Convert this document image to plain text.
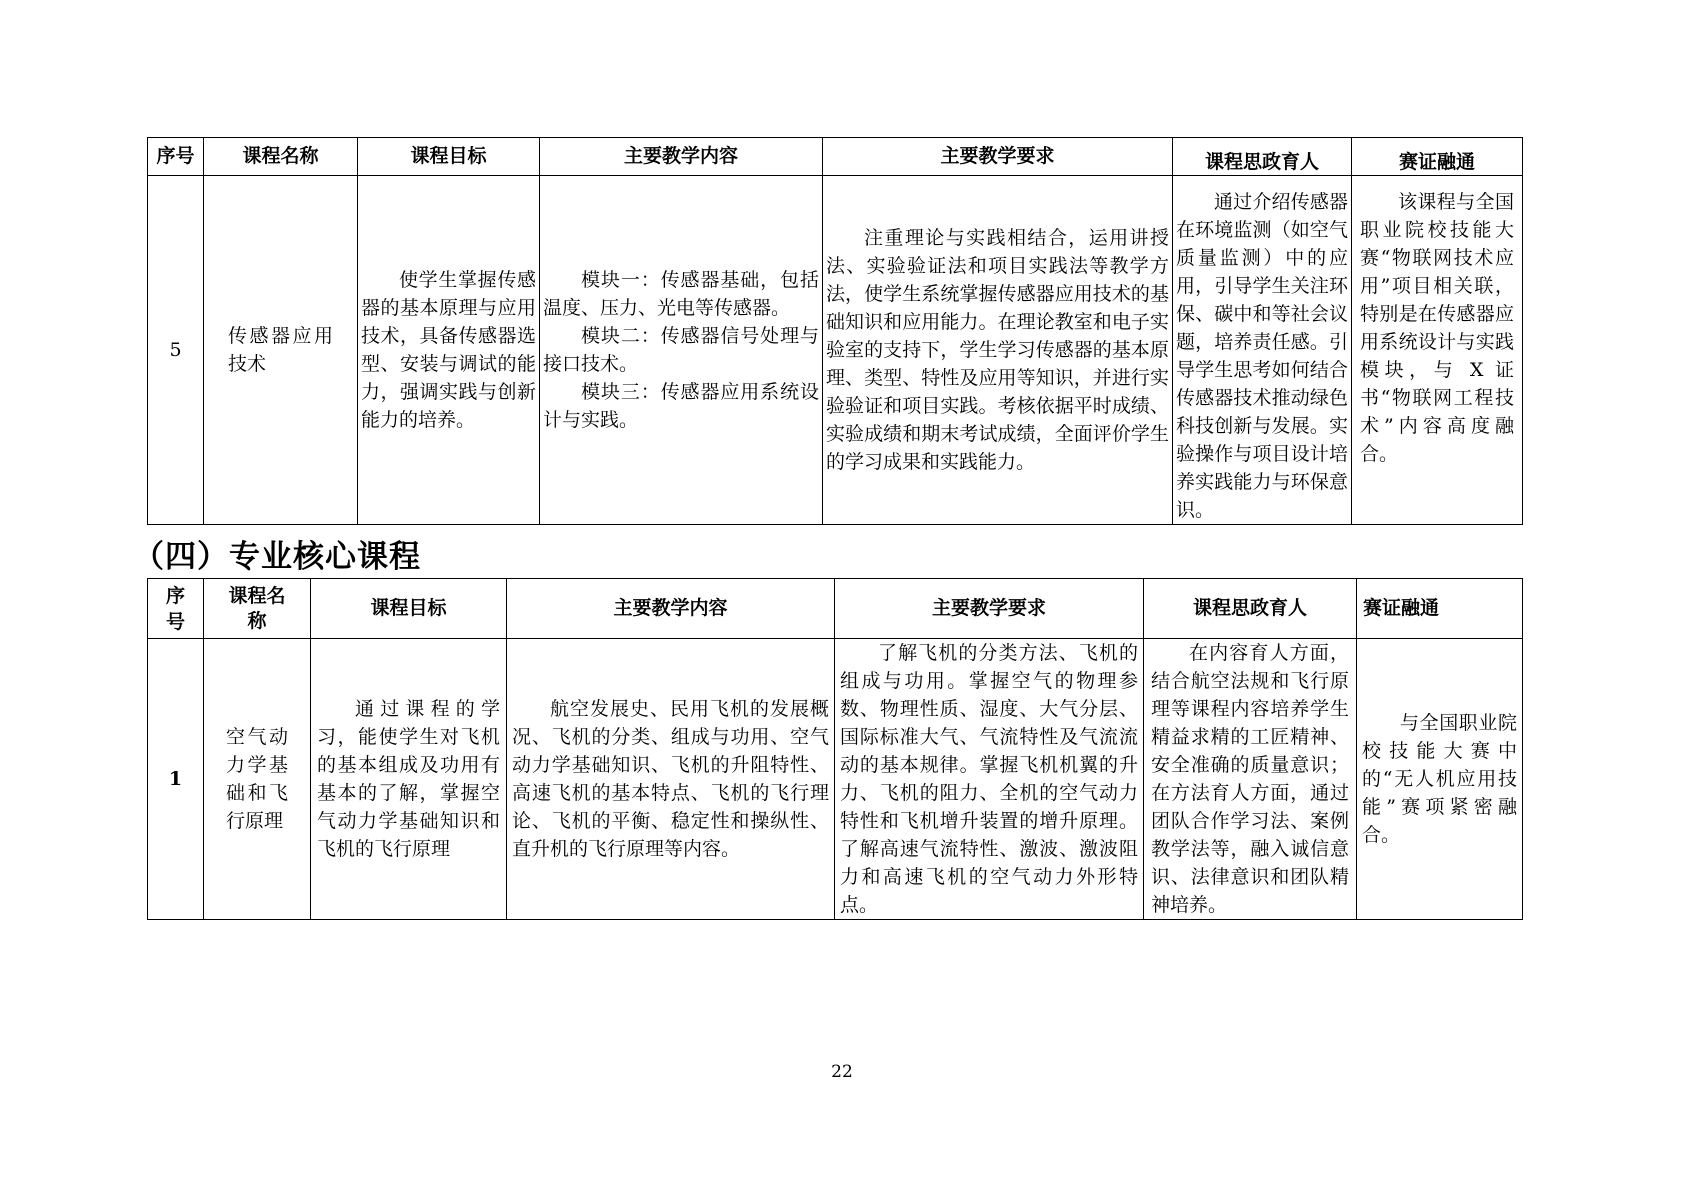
序号	课程名称	课程目标	主要教学内容	主要教学要求	课程思政育人	赛证融通
5	传感器应用技术	使学生掌握传感器的基本原理与应用技术，具备传感器选型、安装与调试的能力，强调实践与创新能力的培养。	模块一：传感器基础，包括温度、压力、光电等传感器。

模块二：传感器信号处理与接口技术。

模块三：传感器应用系统设计与实践。	注重理论与实践相结合，运用讲授法、实验验证法和项目实践法等教学方法，使学生系统掌握传感器应用技术的基础知识和应用能力。在理论教室和电子实验室的支持下，学生学习传感器的基本原理、类型、特性及应用等知识，并进行实验验证和项目实践。考核依据平时成绩、实验成绩和期末考试成绩，全面评价学生的学习成果和实践能力。	通过介绍传感器在环境监测（如空气质量监测）中的应用，引导学生关注环保、碳中和等社会议题，培养责任感。引导学生思考如何结合传感器技术推动绿色科技创新与发展。实验操作与项目设计培养实践能力与环保意识。	该课程与全国职业院校技能大赛“物联网技术应用”项目相关联，特别是在传感器应用系统设计与实践模块，与 X 证书“物联网工程技术”内容高度融合。

（四）专业核心课程
序号	课程名称	课程目标	主要教学内容	主要教学要求	课程思政育人	赛证融通
1	空气动力学基础和飞行原理	通过课程的学习，能使学生对飞机的基本组成及功用有基本的了解，掌握空气动力学基础知识和飞机的飞行原理	航空发展史、民用飞机的发展概况、飞机的分类、组成与功用、空气动力学基础知识、飞机的升阻特性、高速飞机的基本特点、飞机的飞行理论、飞机的平衡、稳定性和操纵性、直升机的飞行原理等内容。	了解飞机的分类方法、飞机的组成与功用。掌握空气的物理参数、物理性质、湿度、大气分层、国际标准大气、气流特性及气流流动的基本规律。掌握飞机机翼的升力、飞机的阻力、全机的空气动力特性和飞机增升装置的增升原理。了解高速气流特性、激波、激波阻力和高速飞机的空气动力外形特点。	在内容育人方面，结合航空法规和飞行原理等课程内容培养学生精益求精的工匠精神、安全准确的质量意识；在方法育人方面，通过团队合作学习法、案例教学法等，融入诚信意识、法律意识和团队精神培养。	与全国职业院校技能大赛中的“无人机应用技能”赛项紧密融合。

22
